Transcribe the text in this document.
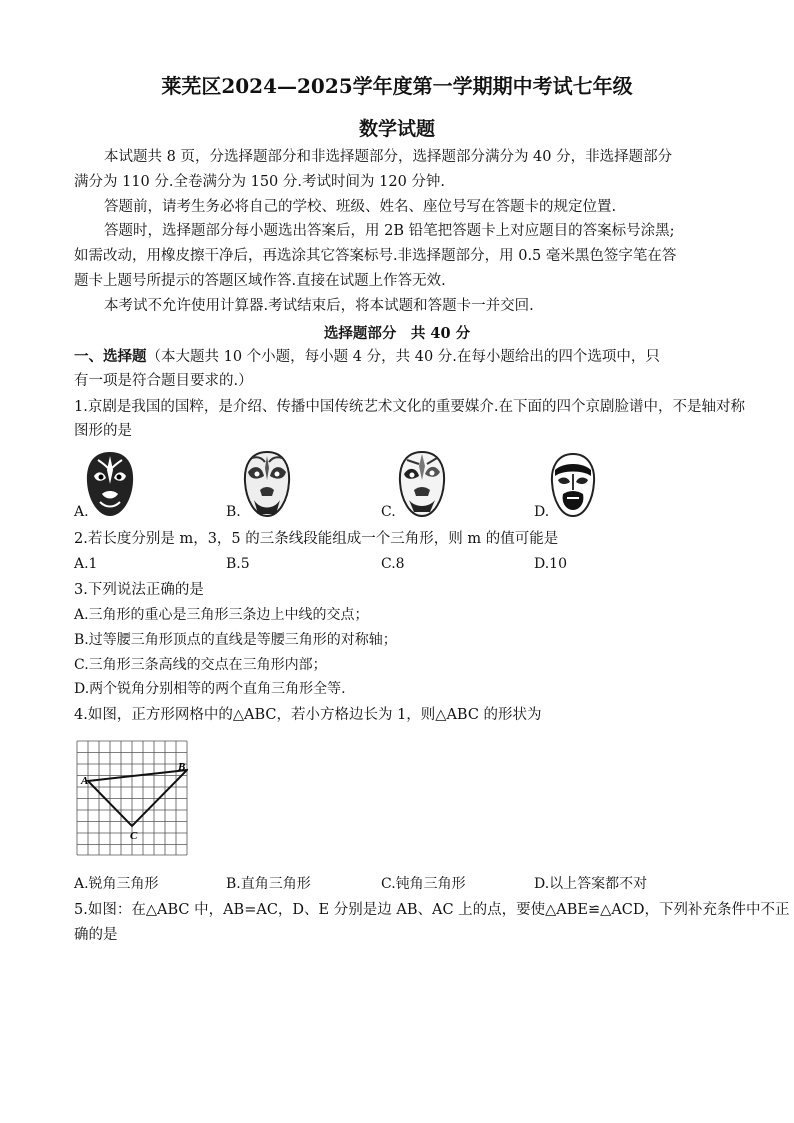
莱芜区2024—2025学年度第一学期期中考试七年级
数学试题
本试题共 8 页，分选择题部分和非选择题部分，选择题部分满分为 40 分，非选择题部分
满分为 110 分.全卷满分为 150 分.考试时间为 120 分钟.
答题前，请考生务必将自己的学校、班级、姓名、座位号写在答题卡的规定位置.
答题时，选择题部分每小题选出答案后，用 2B 铅笔把答题卡上对应题目的答案标号涂黑;
如需改动，用橡皮擦干净后，再选涂其它答案标号.非选择题部分，用 0.5 毫米黑色签字笔在答
题卡上题号所提示的答题区域作答.直接在试题上作答无效.
本考试不允许使用计算器.考试结束后，将本试题和答题卡一并交回.
选择题部分　共 40 分
一、选择题（本大题共 10 个小题，每小题 4 分，共 40 分.在每小题给出的四个选项中，只
有一项是符合题目要求的.）
1.京剧是我国的国粹，是介绍、传播中国传统艺术文化的重要媒介.在下面的四个京剧脸谱中，不是轴对称
图形的是
A.	B.	C.	D.
2.若长度分别是 m，3，5 的三条线段能组成一个三角形，则 m 的值可能是
A.1	B.5	C.8	D.10
3.下列说法正确的是
A.三角形的重心是三角形三条边上中线的交点；
B.过等腰三角形顶点的直线是等腰三角形的对称轴；
C.三角形三条高线的交点在三角形内部；
D.两个锐角分别相等的两个直角三角形全等.
4.如图，正方形网格中的△ABC，若小方格边长为 1，则△ABC 的形状为
A
B
C
A.锐角三角形	B.直角三角形	C.钝角三角形	D.以上答案都不对
5.如图：在△ABC 中，AB=AC，D、E 分别是边 AB、AC 上的点，要使△ABE≌△ACD，下列补充条件中不正
确的是
